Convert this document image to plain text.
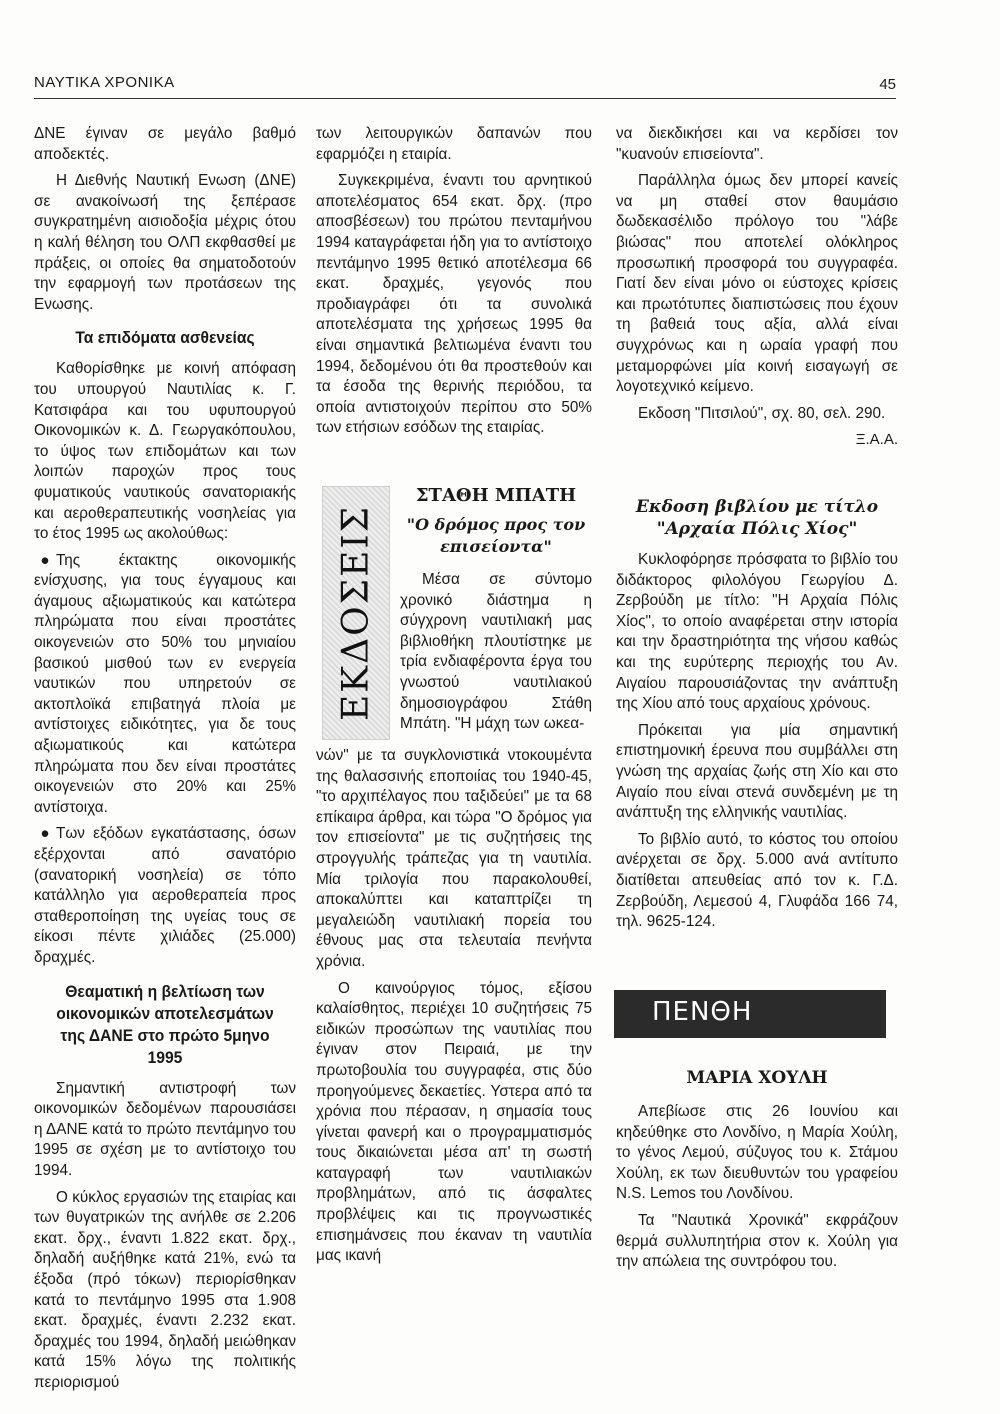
ΝΑΥΤΙΚΑ ΧΡΟΝΙΚΑ	45

ΔΝΕ έγιναν σε μεγάλο βαθμό αποδεκτές.

Η Διεθνής Ναυτική Ενωση (ΔΝΕ) σε ανακοίνωσή της ξεπέρασε συγκρατημένη αισιοδοξία μέχρις ότου η καλή θέληση του ΟΛΠ εκφθασθεί με πράξεις, οι οποίες θα σηματοδοτούν την εφαρμογή των προτάσεων της Ενωσης.

Τα επιδόματα ασθενείας

Καθορίσθηκε με κοινή απόφαση του υπουργού Ναυτιλίας κ. Γ. Κατσιφάρα και του υφυπουργού Οικονομικών κ. Δ. Γεωργακόπουλου, το ύψος των επιδομάτων και των λοιπών παροχών προς τους φυματικούς ναυτικούς σανατοριακής και αεροθεραπευτικής νοσηλείας για το έτος 1995 ως ακολούθως:

● Της έκτακτης οικονομικής ενίσχυσης, για τους έγγαμους και άγαμους αξιωματικούς και κατώτερα πληρώματα που είναι προστάτες οικογενειών στο 50% του μηνιαίου βασικού μισθού των εν ενεργεία ναυτικών που υπηρετούν σε ακτοπλοϊκά επιβατηγά πλοία με αντίστοιχες ειδικότητες, για δε τους αξιωματικούς και κατώτερα πληρώματα που δεν είναι προστάτες οικογενειών στο 20% και 25% αντίστοιχα.

● Των εξόδων εγκατάστασης, όσων εξέρχονται από σανατόριο (σανατορική νοσηλεία) σε τόπο κατάλληλο για αεροθεραπεία προς σταθεροποίηση της υγείας τους σε είκοσι πέντε χιλιάδες (25.000) δραχμές.

Θεαματική η βελτίωση των οικονομικών αποτελεσμάτων της ΔΑΝΕ στο πρώτο 5μηνο 1995

Σημαντική αντιστροφή των οικονομικών δεδομένων παρουσιάσει η ΔΑΝΕ κατά το πρώτο πεντάμηνο του 1995 σε σχέση με το αντίστοιχο του 1994.

Ο κύκλος εργασιών της εταιρίας και των θυγατρικών της ανήλθε σε 2.206 εκατ. δρχ., έναντι 1.822 εκατ. δρχ., δηλαδή αυξήθηκε κατά 21%, ενώ τα έξοδα (πρό τόκων) περιορίσθηκαν κατά το πεντάμηνο 1995 στα 1.908 εκατ. δραχμές, έναντι 2.232 εκατ. δραχμές του 1994, δηλαδή μειώθηκαν κατά 15% λόγω της πολιτικής περιορισμού

των λειτουργικών δαπανών που εφαρμόζει η εταιρία.

Συγκεκριμένα, έναντι του αρνητικού αποτελέσματος 654 εκατ. δρχ. (προ αποσβέσεων) του πρώτου πενταμήνου 1994 καταγράφεται ήδη για το αντίστοιχο πεντάμηνο 1995 θετικό αποτέλεσμα 66 εκατ. δραχμές, γεγονός που προδιαγράφει ότι τα συνολικά αποτελέσματα της χρήσεως 1995 θα είναι σημαντικά βελτιωμένα έναντι του 1994, δεδομένου ότι θα προστεθούν και τα έσοδα της θερινής περιόδου, τα οποία αντιστοιχούν περίπου στο 50% των ετήσιων εσόδων της εταιρίας.

ΕΚΔΟΣΕΙΣ
ΣΤΑΘΗ ΜΠΑΤΗ
"Ο δρόμος προς τον επισείοντα"

Μέσα σε σύντομο χρονικό διάστημα η σύγχρονη ναυτιλιακή μας βιβλιοθήκη πλουτίστηκε με τρία ενδιαφέροντα έργα του γνωστού ναυτιλιακού δημοσιογράφου Στάθη Μπάτη. "Η μάχη των ωκεα-

νών" με τα συγκλονιστικά ντοκουμέντα της θαλασσινής εποποιίας του 1940-45, "το αρχιπέλαγος που ταξιδεύει" με τα 68 επίκαιρα άρθρα, και τώρα "Ο δρόμος για τον επισείοντα" με τις συζητήσεις της στρογγυλής τράπεζας για τη ναυτιλία. Μία τριλογία που παρακολουθεί, αποκαλύπτει και καταπτρίζει τη μεγαλειώδη ναυτιλιακή πορεία του έθνους μας στα τελευταία πενήντα χρόνια.

Ο καινούργιος τόμος, εξίσου καλαίσθητος, περιέχει 10 συζητήσεις 75 ειδικών προσώπων της ναυτιλίας που έγιναν στον Πειραιά, με την πρωτοβουλία του συγγραφέα, στις δύο προηγούμενες δεκαετίες. Υστερα από τα χρόνια που πέρασαν, η σημασία τους γίνεται φανερή και ο προγραμματισμός τους δικαιώνεται μέσα απ' τη σωστή καταγραφή των ναυτιλιακών προβλημάτων, από τις άσφαλτες προβλέψεις και τις προγνωστικές επισημάνσεις που έκαναν τη ναυτιλία μας ικανή

να διεκδικήσει και να κερδίσει τον "κυανούν επισείοντα".

Παράλληλα όμως δεν μπορεί κανείς να μη σταθεί στον θαυμάσιο δωδεκασέλιδο πρόλογο του "λάβε βιώσας" που αποτελεί ολόκληρος προσωπική προσφορά του συγγραφέα. Γιατί δεν είναι μόνο οι εύστοχες κρίσεις και πρωτότυπες διαπιστώσεις που έχουν τη βαθειά τους αξία, αλλά είναι συγχρόνως και η ωραία γραφή που μεταμορφώνει μία κοινή εισαγωγή σε λογοτεχνικό κείμενο.

Εκδοση "Πιτσιλού", σχ. 80, σελ. 290.

Ξ.Α.Α.
Εκδοση βιβλίου με τίτλο "Αρχαία Πόλις Χίος"

Κυκλοφόρησε πρόσφατα το βιβλίο του διδάκτορος φιλολόγου Γεωργίου Δ. Ζερβούδη με τίτλο: "Η Αρχαία Πόλις Χίος", το οποίο αναφέρεται στην ιστορία και την δραστηριότητα της νήσου καθώς και της ευρύτερης περιοχής του Αν. Αιγαίου παρουσιάζοντας την ανάπτυξη της Χίου από τους αρχαίους χρόνους.

Πρόκειται για μία σημαντική επιστημονική έρευνα που συμβάλλει στη γνώση της αρχαίας ζωής στη Χίο και στο Αιγαίο που είναι στενά συνδεμένη με τη ανάπτυξη της ελληνικής ναυτιλίας.

Το βιβλίο αυτό, το κόστος του οποίου ανέρχεται σε δρχ. 5.000 ανά αντίτυπο διατίθεται απευθείας από τον κ. Γ.Δ. Ζερβούδη, Λεμεσού 4, Γλυφάδα 166 74, τηλ. 9625-124.

ΠΕΝΘΗ
ΜΑΡΙΑ ΧΟΥΛΗ

Απεβίωσε στις 26 Ιουνίου και κηδεύθηκε στο Λονδίνο, η Μαρία Χούλη, το γένος Λεμού, σύζυγος του κ. Στάμου Χούλη, εκ των διευθυντών του γραφείου N.S. Lemos του Λονδίνου.

Τα "Ναυτικά Χρονικά" εκφράζουν θερμά συλλυπητήρια στον κ. Χούλη για την απώλεια της συντρόφου του.
